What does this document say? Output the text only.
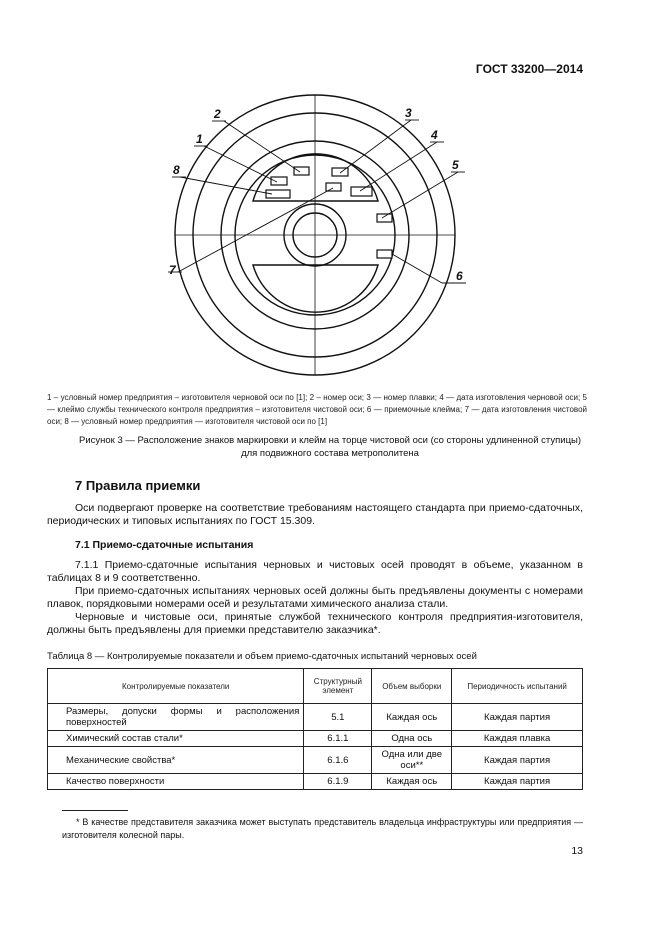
ГОСТ 33200—2014
1
2	3
4
5
6
7
8
1 – условный номер предприятия – изготовителя черновой оси по [1]; 2 – номер оси; 3 — номер плавки; 4 — дата изготовления черновой оси; 5 — клеймо службы технического контроля предприятия – изготовителя чистовой оси; 6 — приемочные клейма; 7 — дата изготовления чистовой оси; 8 — условный номер предприятия — изготовителя чистовой оси по [1]
Рисунок 3 — Расположение знаков маркировки и клейм на торце чистовой оси (со стороны удлиненной ступицы)
для подвижного состава метрополитена
7 Правила приемки
Оси подвергают проверке на соответствие требованиям настоящего стандарта при приемо-сдаточных, периодических и типовых испытаниях по ГОСТ 15.309.
7.1 Приемо-сдаточные испытания
7.1.1 Приемо-сдаточные испытания черновых и чистовых осей проводят в объеме, указанном в таблицах 8 и 9 соответственно.
При приемо-сдаточных испытаниях черновых осей должны быть предъявлены документы с номерами плавок, порядковыми номерами осей и результатами химического анализа стали.
Черновые и чистовые оси, принятые службой технического контроля предприятия-изготовителя, должны быть предъявлены для приемки представителю заказчика*.
Таблица 8 — Контролируемые показатели и объем приемо-сдаточных испытаний черновых осей
Контролируемые показатели	Структурный элемент	Объем выборки	Периодичность испытаний
Размеры, допуски формы и расположения поверхностей	5.1	Каждая ось	Каждая партия
Химический состав стали*	6.1.1	Одна ось	Каждая плавка
Механические свойства*	6.1.6	Одна или две оси**	Каждая партия
Качество поверхности	6.1.9	Каждая ось	Каждая партия
* В качестве представителя заказчика может выступать представитель владельца инфраструктуры или предприятия — изготовителя колесной пары.
13
